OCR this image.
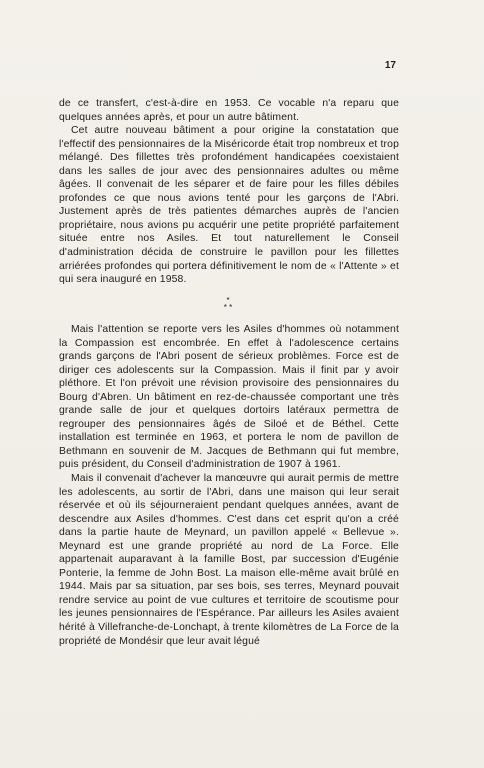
17

de ce transfert, c'est-à-dire en 1953. Ce vocable n'a reparu que quelques années après, et pour un autre bâtiment.

Cet autre nouveau bâtiment a pour origine la constatation que l'effectif des pensionnaires de la Miséricorde était trop nombreux et trop mélangé. Des fillettes très profondément handicapées coexistaient dans les salles de jour avec des pensionnaires adultes ou même âgées. Il convenait de les séparer et de faire pour les filles débiles profondes ce que nous avions tenté pour les garçons de l'Abri. Justement après de très patientes démarches auprès de l'ancien propriétaire, nous avions pu acquérir une petite propriété parfaitement située entre nos Asiles. Et tout naturellement le Conseil d'administration décida de construire le pavillon pour les fillettes arriérées profondes qui portera définitivement le nom de « l'Attente » et qui sera inauguré en 1958.

*
* *

Mais l'attention se reporte vers les Asiles d'hommes où notamment la Compassion est encombrée. En effet à l'adolescence certains grands garçons de l'Abri posent de sérieux problèmes. Force est de diriger ces adolescents sur la Compassion. Mais il finit par y avoir pléthore. Et l'on prévoit une révision provisoire des pensionnaires du Bourg d'Abren. Un bâtiment en rez-de-chaussée comportant une très grande salle de jour et quelques dortoirs latéraux permettra de regrouper des pensionnaires âgés de Siloé et de Béthel. Cette installation est terminée en 1963, et portera le nom de pavillon de Bethmann en souvenir de M. Jacques de Bethmann qui fut membre, puis président, du Conseil d'administration de 1907 à 1961.

Mais il convenait d'achever la manœuvre qui aurait permis de mettre les adolescents, au sortir de l'Abri, dans une maison qui leur serait réservée et où ils séjourneraient pendant quelques années, avant de descendre aux Asiles d'hommes. C'est dans cet esprit qu'on a créé dans la partie haute de Meynard, un pavillon appelé « Bellevue ». Meynard est une grande propriété au nord de La Force. Elle appartenait auparavant à la famille Bost, par succession d'Eugénie Ponterie, la femme de John Bost. La maison elle-même avait brûlé en 1944. Mais par sa situation, par ses bois, ses terres, Meynard pouvait rendre service au point de vue cultures et territoire de scoutisme pour les jeunes pensionnaires de l'Espérance. Par ailleurs les Asiles avaient hérité à Villefranche-de-Lonchapt, à trente kilomètres de La Force de la propriété de Mondésir que leur avait légué
